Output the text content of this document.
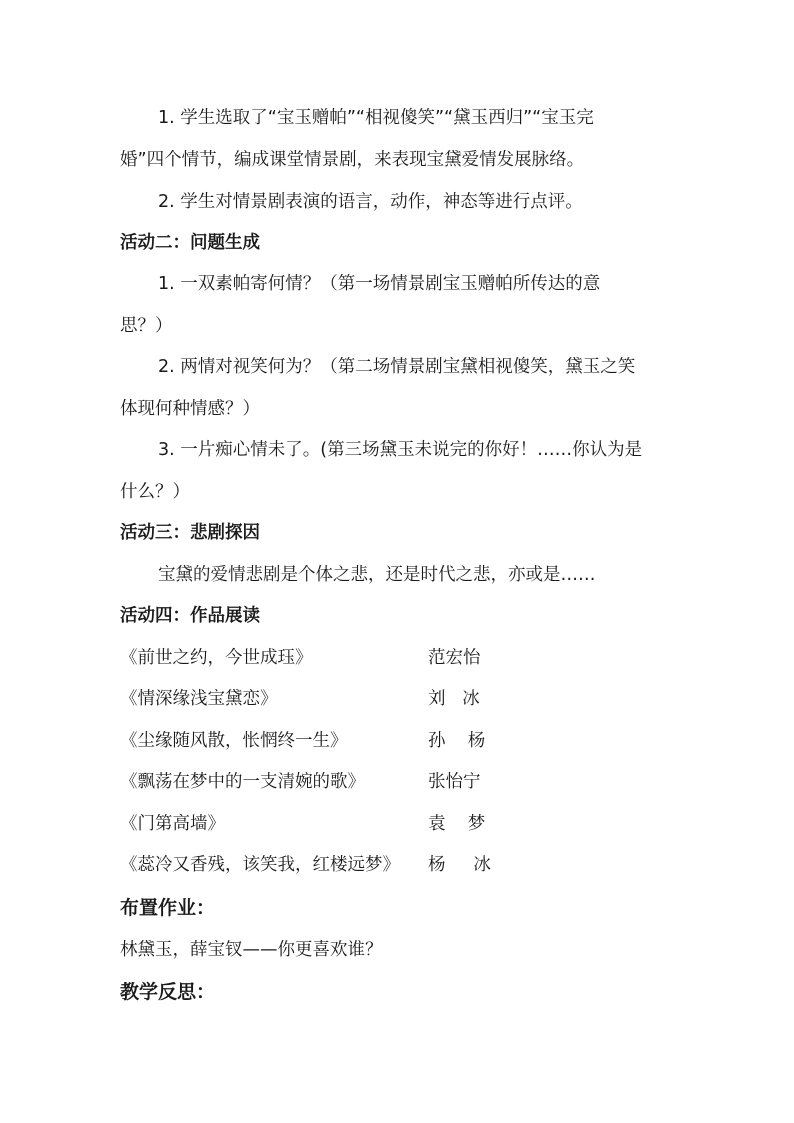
1. 学生选取了“宝玉赠帕”“相视傻笑”“黛玉西归”“宝玉完
婚”四个情节，编成课堂情景剧，来表现宝黛爱情发展脉络。
2. 学生对情景剧表演的语言，动作，神态等进行点评。
活动二：问题生成
1. 一双素帕寄何情？（第一场情景剧宝玉赠帕所传达的意
思？）
2. 两情对视笑何为？（第二场情景剧宝黛相视傻笑，黛玉之笑
体现何种情感？）
3. 一片痴心情未了。(第三场黛玉未说完的你好！……你认为是
什么？）
活动三：悲剧探因
宝黛的爱情悲剧是个体之悲，还是时代之悲，亦或是……
活动四：作品展读
《前世之约，今世成珏》	范宏怡
《情深缘浅宝黛恋》	刘   冰
《尘缘随风散，怅惘终一生》	孙    杨
《飘荡在梦中的一支清婉的歌》	张怡宁
《门第高墙》	袁    梦
《蕊冷又香残，该笑我，红楼远梦》 杨     冰
布置作业：
林黛玉，薛宝钗——你更喜欢谁？
教学反思：
